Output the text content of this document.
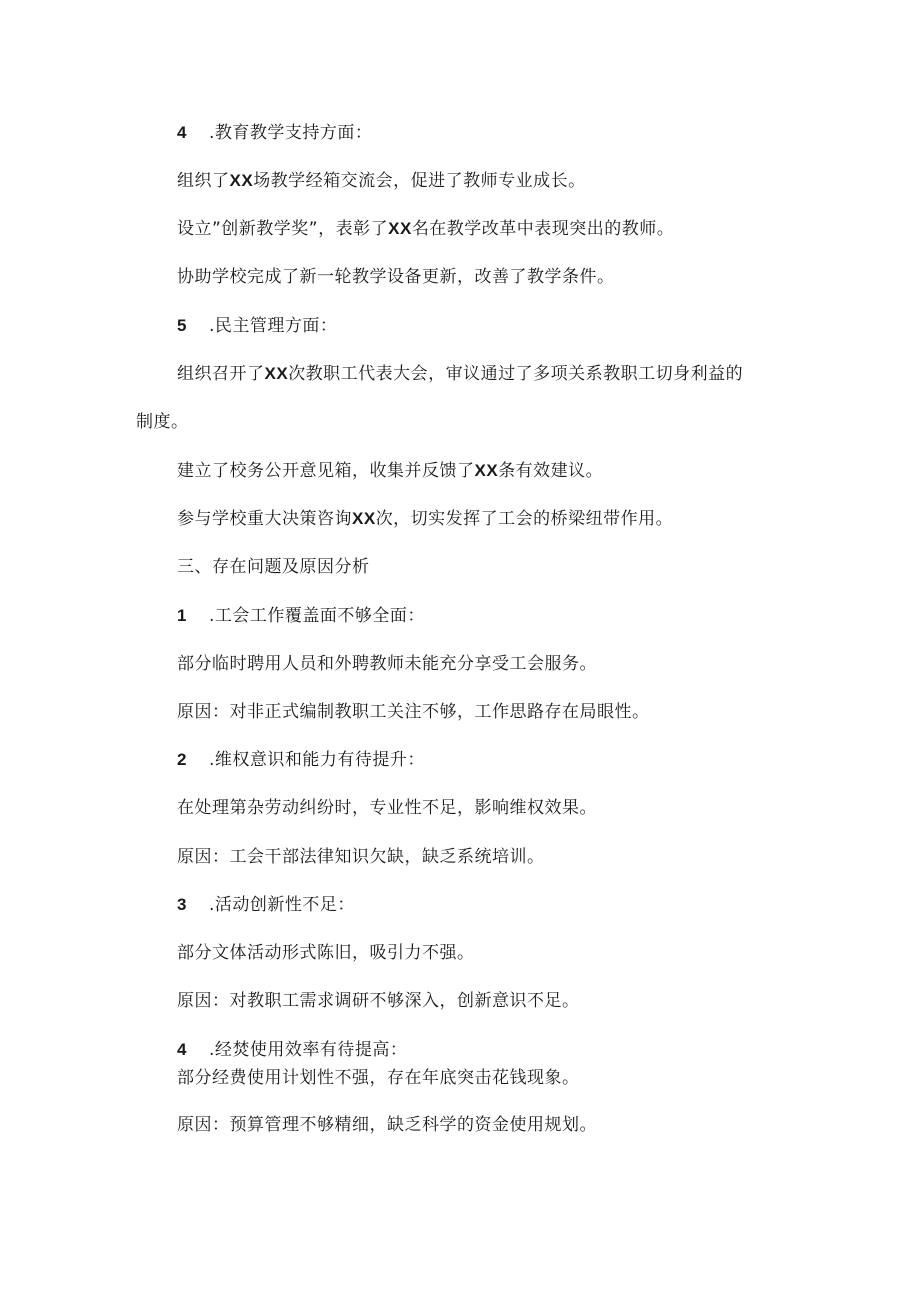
4 .教育教学支持方面：
组织了XX场教学经箱交流会，促进了教师专业成长。
设立”创新教学奖”，表彰了XX名在教学改革中表现突出的教师。
协助学校完成了新一轮教学设备更新，改善了教学条件。
5 .民主管理方面：
组织召开了XX次教职工代表大会，审议通过了多项关系教职工切身利益的
制度。
建立了校务公开意见箱，收集并反馈了XX条有效建议。
参与学校重大决策咨询XX次，切实发挥了工会的桥梁纽带作用。
三、存在问题及原因分析
1 .工会工作覆盖面不够全面：
部分临时聘用人员和外聘教师未能充分享受工会服务。
原因：对非正式编制教职工关注不够，工作思路存在局眼性。
2 .维权意识和能力有待提升：
在处理第杂劳动纠纷时，专业性不足，影响维权效果。
原因：工会干部法律知识欠缺，缺乏系统培训。
3 .活动创新性不足：
部分文体活动形式陈旧，吸引力不强。
原因：对教职工需求调研不够深入，创新意识不足。
4 .经焚使用效率有待提高：
部分经费使用计划性不强，存在年底突击花钱现象。
原因：预算管理不够精细，缺乏科学的资金使用规划。
